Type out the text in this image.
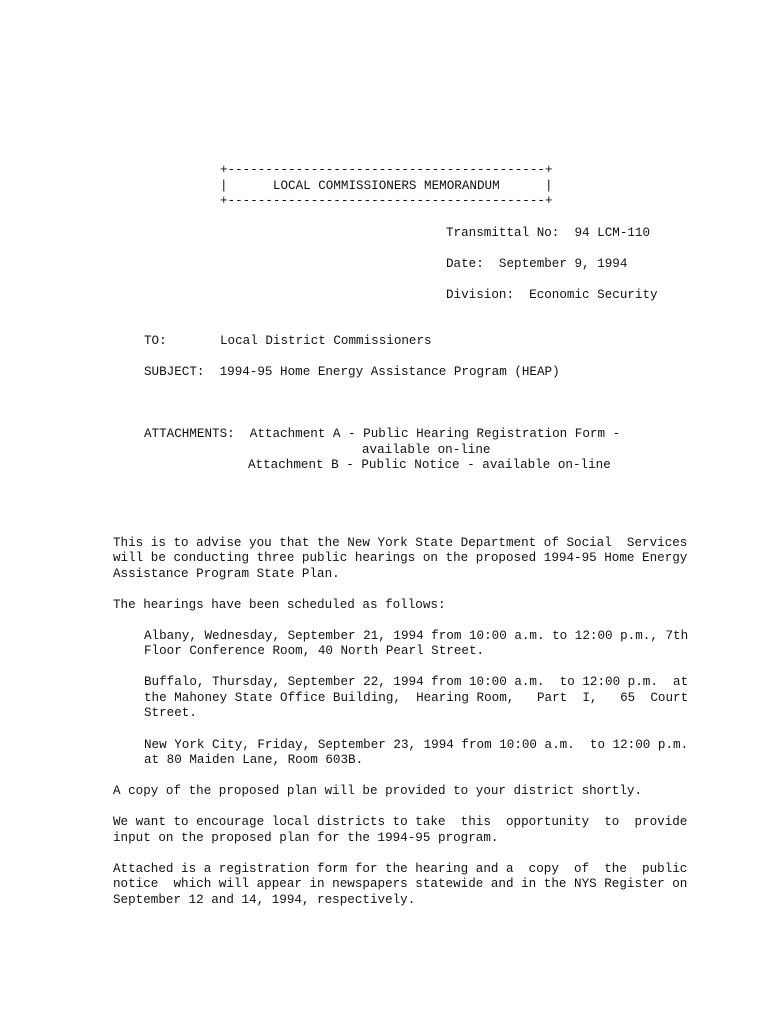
+------------------------------------------+
|      LOCAL COMMISSIONERS MEMORANDUM      |
+------------------------------------------+
Transmittal No:  94 LCM-110
Date:  September 9, 1994
Division:  Economic Security
TO:	Local District Commissioners
SUBJECT:  1994-95 Home Energy Assistance Program (HEAP)
ATTACHMENTS:  Attachment A - Public Hearing Registration Form -
available on-line
Attachment B - Public Notice - available on-line
This is to advise you that the New York State Department of Social  Services
will be conducting three public hearings on the proposed 1994-95 Home Energy
Assistance Program State Plan.
The hearings have been scheduled as follows:
Albany, Wednesday, September 21, 1994 from 10:00 a.m. to 12:00 p.m., 7th
Floor Conference Room, 40 North Pearl Street.
Buffalo, Thursday, September 22, 1994 from 10:00 a.m.  to 12:00 p.m.  at
the Mahoney State Office Building,  Hearing Room,   Part  I,   65  Court
Street.
New York City, Friday, September 23, 1994 from 10:00 a.m.  to 12:00 p.m.
at 80 Maiden Lane, Room 603B.
A copy of the proposed plan will be provided to your district shortly.
We want to encourage local districts to take  this  opportunity  to  provide
input on the proposed plan for the 1994-95 program.
Attached is a registration form for the hearing and a  copy  of  the  public
notice  which will appear in newspapers statewide and in the NYS Register on
September 12 and 14, 1994, respectively.
